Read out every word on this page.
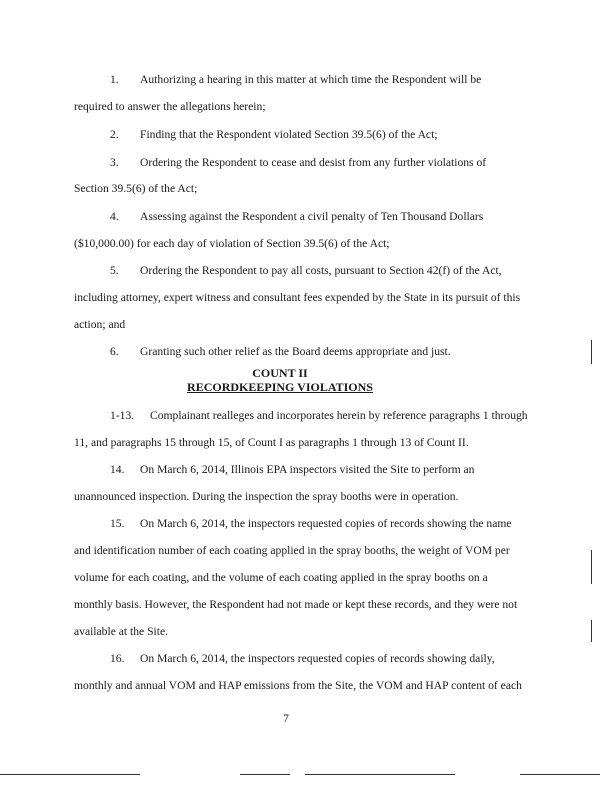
1. Authorizing a hearing in this matter at which time the Respondent will be
required to answer the allegations herein;
2. Finding that the Respondent violated Section 39.5(6) of the Act;
3. Ordering the Respondent to cease and desist from any further violations of
Section 39.5(6) of the Act;
4. Assessing against the Respondent a civil penalty of Ten Thousand Dollars
($10,000.00) for each day of violation of Section 39.5(6) of the Act;
5. Ordering the Respondent to pay all costs, pursuant to Section 42(f) of the Act,
including attorney, expert witness and consultant fees expended by the State in its pursuit of this
action; and
6. Granting such other relief as the Board deems appropriate and just.
COUNT II
RECORDKEEPING VIOLATIONS
1-13. Complainant realleges and incorporates herein by reference paragraphs 1 through
11, and paragraphs 15 through 15, of Count I as paragraphs 1 through 13 of Count II.
14. On March 6, 2014, Illinois EPA inspectors visited the Site to perform an
unannounced inspection. During the inspection the spray booths were in operation.
15. On March 6, 2014, the inspectors requested copies of records showing the name
and identification number of each coating applied in the spray booths, the weight of VOM per
volume for each coating, and the volume of each coating applied in the spray booths on a
monthly basis. However, the Respondent had not made or kept these records, and they were not
available at the Site.
16. On March 6, 2014, the inspectors requested copies of records showing daily,
monthly and annual VOM and HAP emissions from the Site, the VOM and HAP content of each
7
